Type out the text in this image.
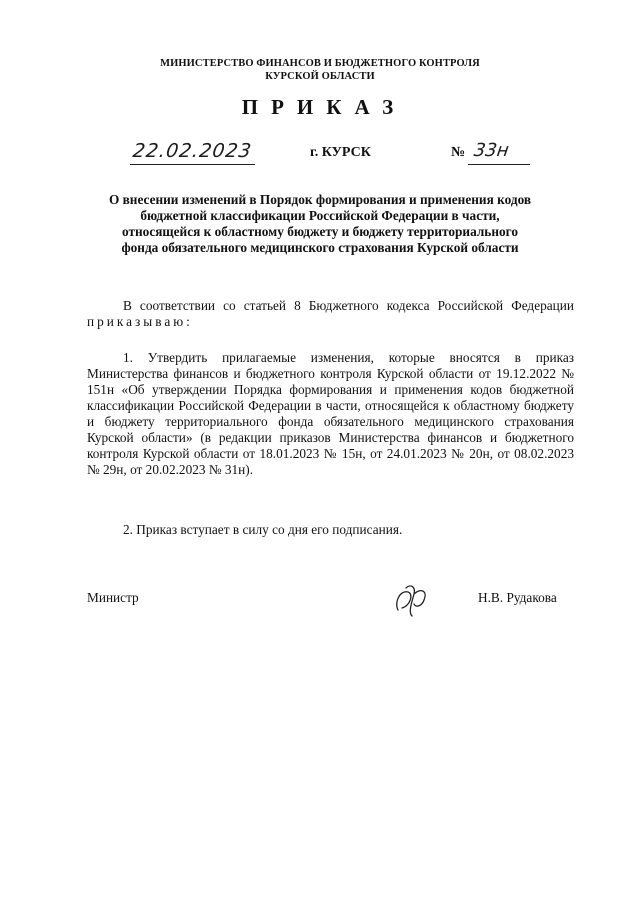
МИНИСТЕРСТВО ФИНАНСОВ И БЮДЖЕТНОГО КОНТРОЛЯ
КУРСКОЙ ОБЛАСТИ
ПРИКАЗ
22.02.2023	г. КУРСК	№ 33н
О внесении изменений в Порядок формирования и применения кодов
бюджетной классификации Российской Федерации в части,
относящейся к областному бюджету и бюджету территориального
фонда обязательного медицинского страхования Курской области
В соответствии со статьей 8 Бюджетного кодекса Российской Федерации приказываю:
1. Утвердить прилагаемые изменения, которые вносятся в приказ Министерства финансов и бюджетного контроля Курской области от 19.12.2022 № 151н «Об утверждении Порядка формирования и применения кодов бюджетной классификации Российской Федерации в части, относящейся к областному бюджету и бюджету территориального фонда обязательного медицинского страхования Курской области» (в редакции приказов Министерства финансов и бюджетного контроля Курской области от 18.01.2023 № 15н, от 24.01.2023 № 20н, от 08.02.2023 № 29н, от 20.02.2023 № 31н).
2. Приказ вступает в силу со дня его подписания.
Министр	Н.В. Рудакова
